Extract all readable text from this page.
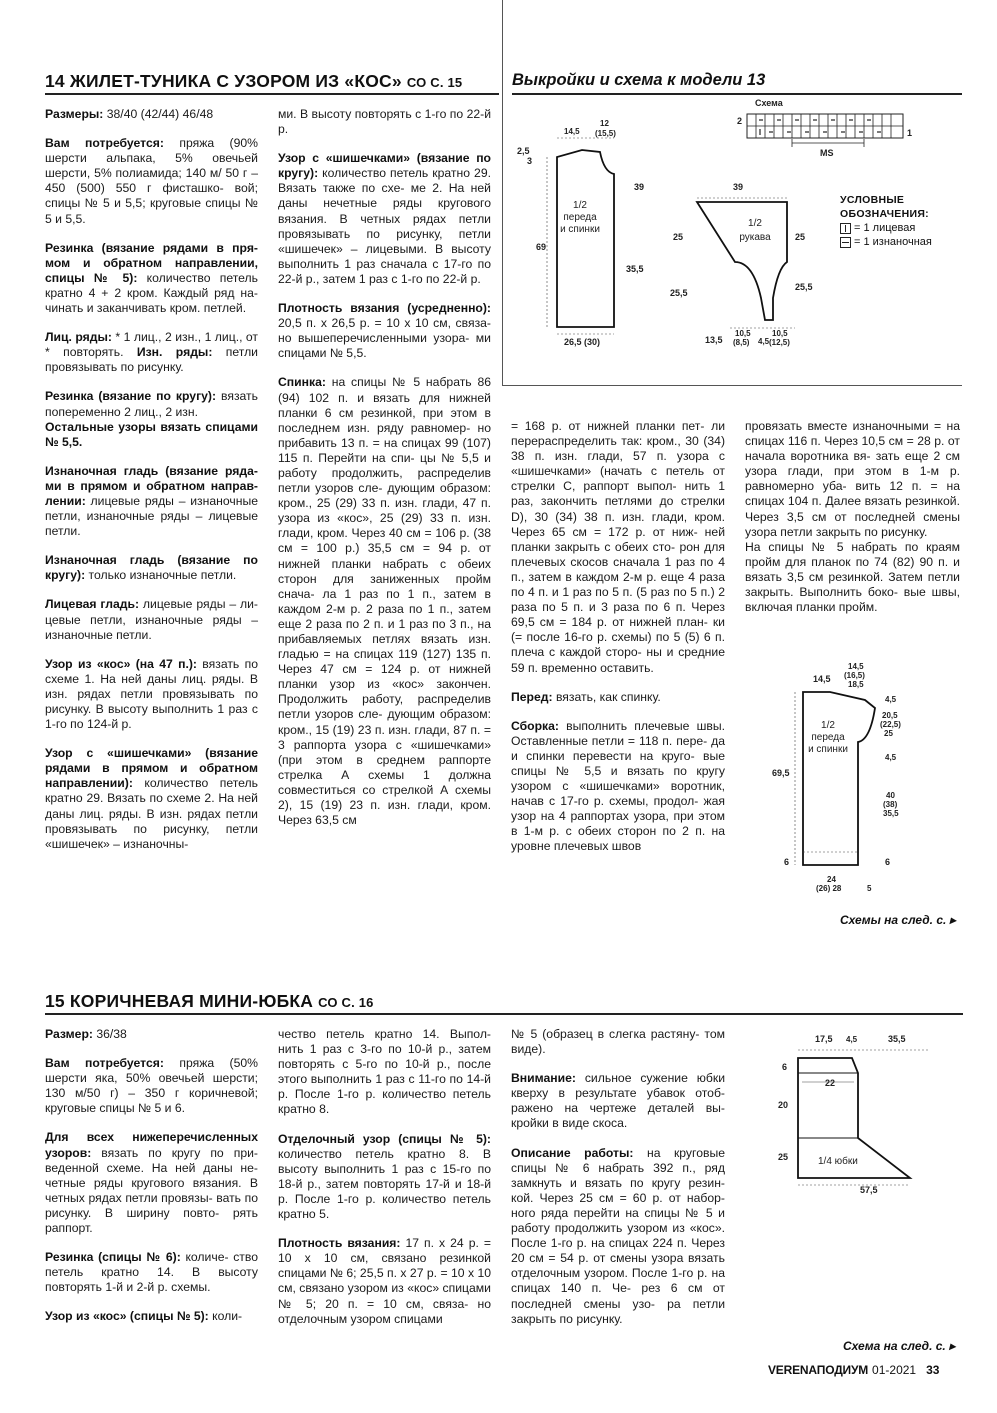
14 ЖИЛЕТ-ТУНИКА С УЗОРОМ ИЗ «КОС» СО С. 15	Выкройки и схема к модели 13

Размеры: 38/40 (42/44) 46/48

Вам потребуется: пряжа (90% шерсти альпака, 5% овечьей шерсти, 5% полиамида; 140 м/ 50 г – 450 (500) 550 г фисташко- вой; спицы № 5 и 5,5; круговые спицы № 5 и 5,5.

Резинка (вязание рядами в пря- мом и обратном направлении, спицы № 5): количество петель кратно 4 + 2 кром. Каждый ряд на- чинать и заканчивать кром. петлей.

Лиц. ряды: * 1 лиц., 2 изн., 1 лиц., от * повторять. Изн. ряды: петли провязывать по рисунку.

Резинка (вязание по кругу): вязать попеременно 2 лиц., 2 изн.

Остальные узоры вязать спицами № 5,5.

Изнаночная гладь (вязание ряда- ми в прямом и обратном направ- лении: лицевые ряды – изнаночные петли, изнаночные ряды – лицевые петли.

Изнаночная гладь (вязание по кругу): только изнаночные петли.

Лицевая гладь: лицевые ряды – ли- цевые петли, изнаночные ряды – изнаночные петли.

Узор из «кос» (на 47 п.): вязать по схеме 1. На ней даны лиц. ряды. В изн. рядах петли провязывать по рисунку. В высоту выполнить 1 раз с 1-го по 124-й р.

Узор с «шишечками» (вязание рядами в прямом и обратном направлении): количество петель кратно 29. Вязать по схеме 2. На ней даны лиц. ряды. В изн. рядах петли провязывать по рисунку, петли «шишечек» – изнаночны-

ми. В высоту повторять с 1-го по 22-й р.

Узор с «шишечками» (вязание по кругу): количество петель кратно 29. Вязать также по схе- ме 2. На ней даны нечетные ряды кругового вязания. В четных рядах петли провязывать по рисунку, петли «шишечек» – лицевыми. В высоту выполнить 1 раз сначала с 17-го по 22-й р., затем 1 раз с 1-го по 22-й р.

Плотность вязания (усредненно): 20,5 п. x 26,5 р. = 10 x 10 см, связа- но вышеперечисленными узора- ми спицами № 5,5.

Спинка: на спицы № 5 набрать 86 (94) 102 п. и вязать для нижней планки 6 см резинкой, при этом в последнем изн. ряду равномер- но прибавить 13 п. = на спицах 99 (107) 115 п. Перейти на спи- цы № 5,5 и работу продолжить, распределив петли узоров сле- дующим образом: кром., 25 (29) 33 п. изн. глади, 47 п. узора из «кос», 25 (29) 33 п. изн. глади, кром. Через 40 см = 106 р. (38 см = 100 р.) 35,5 см = 94 р. от нижней планки набрать с обеих сторон для заниженных пройм снача- ла 1 раз по 1 п., затем в каждом 2-м р. 2 раза по 1 п., затем еще 2 раза по 2 п. и 1 раз по 3 п., на прибавляемых петлях вязать изн. гладью = на спицах 119 (127) 135 п. Через 47 см = 124 р. от нижней планки узор из «кос» закончен. Продолжить работу, распределив петли узоров сле- дующим образом: кром., 15 (19) 23 п. изн. глади, 87 п. = 3 раппорта узора с «шишечками» (при этом в среднем раппорте стрелка А схемы 1 должна совместиться со стрелкой А схемы 2), 15 (19) 23 п. изн. глади, кром. Через 63,5 см

= 168 р. от нижней планки пет- ли перераспределить так: кром., 30 (34) 38 п. изн. глади, 57 п. узора с «шишечками» (начать с петель от стрелки С, раппорт выпол- нить 1 раз, закончить петлями до стрелки D), 30 (34) 38 п. изн. глади, кром. Через 65 см = 172 р. от ниж- ней планки закрыть с обеих сто- рон для плечевых скосов сначала 1 раз по 4 п., затем в каждом 2-м р. еще 4 раза по 4 п. и 1 раз по 5 п. (5 раз по 5 п.) 2 раза по 5 п. и 3 раза по 6 п. Через 69,5 см = 184 р. от нижней план- ки (= после 16-го р. схемы) по 5 (5) 6 п. плеча с каждой сторо- ны и средние 59 п. временно оставить.

Перед: вязать, как спинку.

Сборка: выполнить плечевые швы. Оставленные петли = 118 п. пере- да и спинки перевести на круго- вые спицы № 5,5 и вязать по кругу узором с «шишечками» воротник, начав с 17-го р. схемы, продол- жая узор на 4 раппортах узора, при этом в 1-м р. с обеих сторон по 2 п. на уровне плечевых швов

провязать вместе изнаночными = на спицах 116 п. Через 10,5 см = 28 р. от начала воротника вя- зать еще 2 см узора глади, при этом в 1-м р. равномерно уба- вить 12 п. = на спицах 104 п. Далее вязать резинкой. Через 3,5 см от последней смены узора петли закрыть по рисунку.

На спицы № 5 набрать по краям пройм для планок по 74 (82) 90 п. и вязать 3,5 см резинкой. Затем петли закрыть. Выполнить боко- вые швы, включая планки пройм.

Схема
2
1
MS
УСЛОВНЫЕ
ОБОЗНАЧЕНИЯ:
= 1 лицевая
= 1 изнаночная
14,5
12
(15,5)
2,5
3
1/2
переда
и спинки
69
26,5 (30)
35,5
39	39
1/2
рукава
25	25
25,5
25,5
13,5
10,5
(8,5) 4,5
10,5
(12,5)
14,5
14,5
(16,5)
18,5
1/2
переда
и спинки
4,5
20,5
(22,5)
25
4,5
40
(38)
35,5
69,5
6	6
24
(26) 28	5
Схемы на след. с. ▸
15 КОРИЧНЕВАЯ МИНИ-ЮБКА СО С. 16

Размер: 36/38

Вам потребуется: пряжа (50% шерсти яка, 50% овечьей шерсти; 130 м/50 г) – 350 г коричневой; круговые спицы № 5 и 6.

Для всех нижеперечисленных узоров: вязать по кругу по при- веденной схеме. На ней даны не- четные ряды кругового вязания. В четных рядах петли провязы- вать по рисунку. В ширину повто- рять раппорт.

Резинка (спицы № 6): количе- ство петель кратно 14. В высоту повторять 1-й и 2-й р. схемы.

Узор из «кос» (спицы № 5): коли-

чество петель кратно 14. Выпол- нить 1 раз с 3-го по 10-й р., затем повторять с 5-го по 10-й р., после этого выполнить 1 раз с 11-го по 14-й р. После 1-го р. количество петель кратно 8.

Отделочный узор (спицы № 5): количество петель кратно 8. В высоту выполнить 1 раз с 15-го по 18-й р., затем повторять 17-й и 18-й р. После 1-го р. количество петель кратно 5.

Плотность вязания: 17 п. x 24 р. = 10 x 10 см, связано резинкой спицами № 6; 25,5 п. x 27 р. = 10 x 10 см, связано узором из «кос» спицами № 5; 20 п. = 10 см, связа- но отделочным узором спицами

№ 5 (образец в слегка растяну- том виде).

Внимание: сильное сужение юбки кверху в результате убавок отоб- ражено на чертеже деталей вы- кройки в виде скоса.

Описание работы: на круговые спицы № 6 набрать 392 п., ряд замкнуть и вязать по кругу резин- кой. Через 25 см = 60 р. от набор- ного ряда перейти на спицы № 5 и работу продолжить узором из «кос». После 1-го р. на спицах 224 п. Через 20 см = 54 р. от смены узора вязать отделочным узором. После 1-го р. на спицах 140 п. Че- рез 6 см от последней смены узо- ра петли закрыть по рисунку.

17,5 4,5	35,5
6
20
25
22
1/4 юбки
57,5
Схема на след. с. ▸
VERENAПОДИУМ 01-2021 33
